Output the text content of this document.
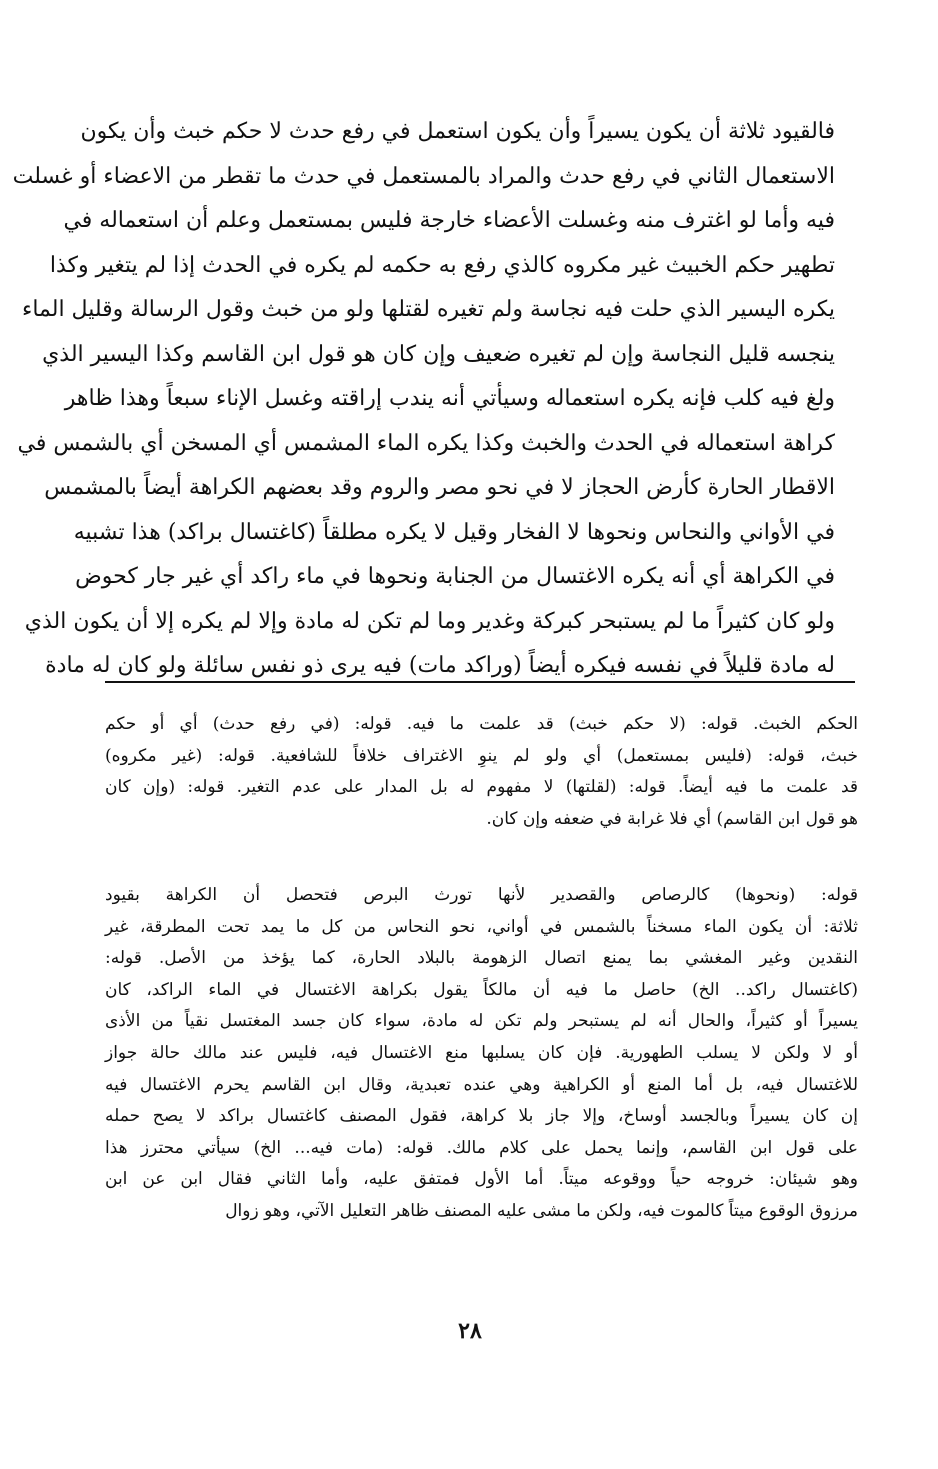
فالقيود ثلاثة أن يكون يسيراً وأن يكون استعمل في رفع حدث لا حكم خبث وأن يكون
الاستعمال الثاني في رفع حدث والمراد بالمستعمل في حدث ما تقطر من الاعضاء أو غسلت
فيه وأما لو اغترف منه وغسلت الأعضاء خارجة فليس بمستعمل وعلم أن استعماله في
تطهير حكم الخبيث غير مكروه كالذي رفع به حكمه لم يكره في الحدث إذا لم يتغير وكذا
يكره اليسير الذي حلت فيه نجاسة ولم تغيره لقتلها ولو من خبث وقول الرسالة وقليل الماء
ينجسه قليل النجاسة وإن لم تغيره ضعيف وإن كان هو قول ابن القاسم وكذا اليسير الذي
ولغ فيه كلب فإنه يكره استعماله وسيأتي أنه يندب إراقته وغسل الإناء سبعاً وهذا ظاهر
كراهة استعماله في الحدث والخبث وكذا يكره الماء المشمس أي المسخن أي بالشمس في
الاقطار الحارة كأرض الحجاز لا في نحو مصر والروم وقد بعضهم الكراهة أيضاً بالمشمس
في الأواني والنحاس ونحوها لا الفخار وقيل لا يكره مطلقاً (كاغتسال براكد) هذا تشبيه
في الكراهة أي أنه يكره الاغتسال من الجنابة ونحوها في ماء راكد أي غير جار كحوض
ولو كان كثيراً ما لم يستبحر كبركة وغدير وما لم تكن له مادة وإلا لم يكره إلا أن يكون الذي
له مادة قليلاً في نفسه فيكره أيضاً (وراكد مات) فيه يرى ذو نفس سائلة ولو كان له مادة
الحكم الخبث. قوله: (لا حكم خبث) قد علمت ما فيه. قوله: (في رفع حدث) أي أو حكم
خبث، قوله: (فليس بمستعمل) أي ولو لم ينوِ الاغتراف خلافاً للشافعية. قوله: (غير مكروه)
قد علمت ما فيه أيضاً. قوله: (لقلتها) لا مفهوم له بل المدار على عدم التغير. قوله: (وإن كان
هو قول ابن القاسم) أي فلا غرابة في ضعفه وإن كان.
قوله: (ونحوها) كالرصاص والقصدير لأنها تورث البرص فتحصل أن الكراهة بقيود
ثلاثة: أن يكون الماء مسخناً بالشمس في أواني، نحو النحاس من كل ما يمد تحت المطرقة، غير
النقدين وغير المغشي بما يمنع اتصال الزهومة بالبلاد الحارة، كما يؤخذ من الأصل. قوله:
(كاغتسال راكد.. الخ) حاصل ما فيه أن مالكاً يقول بكراهة الاغتسال في الماء الراكد، كان
يسيراً أو كثيراً، والحال أنه لم يستبحر ولم تكن له مادة، سواء كان جسد المغتسل نقياً من الأذى
أو لا ولكن لا يسلب الطهورية. فإن كان يسلبها منع الاغتسال فيه، فليس عند مالك حالة جواز
للاغتسال فيه، بل أما المنع أو الكراهية وهي عنده تعبدية، وقال ابن القاسم يحرم الاغتسال فيه
إن كان يسيراً وبالجسد أوساخ، وإلا جاز بلا كراهة، فقول المصنف كاغتسال براكد لا يصح حمله
على قول ابن القاسم، وإنما يحمل على كلام مالك. قوله: (مات فيه... الخ) سيأتي محترز هذا
وهو شيئان: خروجه حياً ووقوعه ميتاً. أما الأول فمتفق عليه، وأما الثاني فقال ابن عن ابن
مرزوق الوقوع ميتاً كالموت فيه، ولكن ما مشى عليه المصنف ظاهر التعليل الآتي، وهو زوال
٢٨
